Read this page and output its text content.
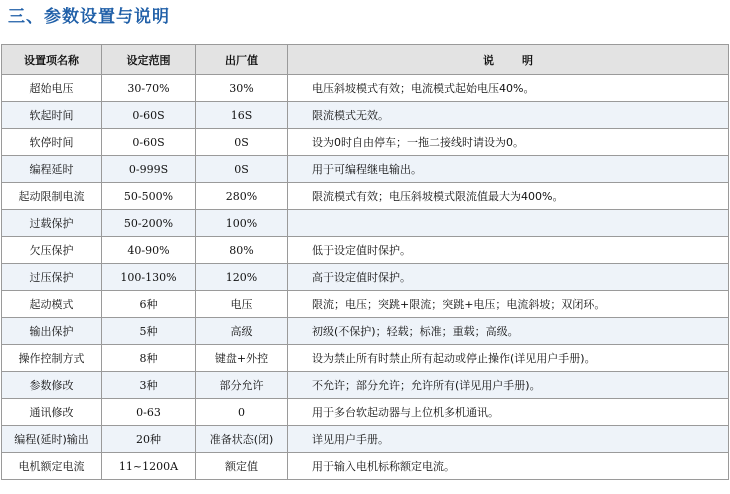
三、参数设置与说明
设置项名称	设定范围	出厂值	说明
超始电压	30-70%	30%	电压斜坡模式有效；电流模式起始电压40%。
软起时间	0-60S	16S	限流模式无效。
软停时间	0-60S	0S	设为0时自由停车；一拖二接线时请设为0。
编程延时	0-999S	0S	用于可编程继电输出。
起动限制电流	50-500%	280%	限流模式有效；电压斜坡模式限流值最大为400%。
过载保护	50-200%	100%	
欠压保护	40-90%	80%	低于设定值时保护。
过压保护	100-130%	120%	高于设定值时保护。
起动模式	6种	电压	限流；电压；突跳+限流；突跳+电压；电流斜坡；双闭环。
输出保护	5种	高级	初级(不保护)；轻载；标准；重载；高级。
操作控制方式	8种	键盘+外控	设为禁止所有时禁止所有起动或停止操作(详见用户手册)。
参数修改	3种	部分允许	不允许；部分允许；允许所有(详见用户手册)。
通讯修改	0-63	0	用于多台软起动器与上位机多机通讯。
编程(延时)输出	20种	准备状态(闭)	详见用户手册。
电机额定电流	11~1200A	额定值	用于输入电机标称额定电流。
